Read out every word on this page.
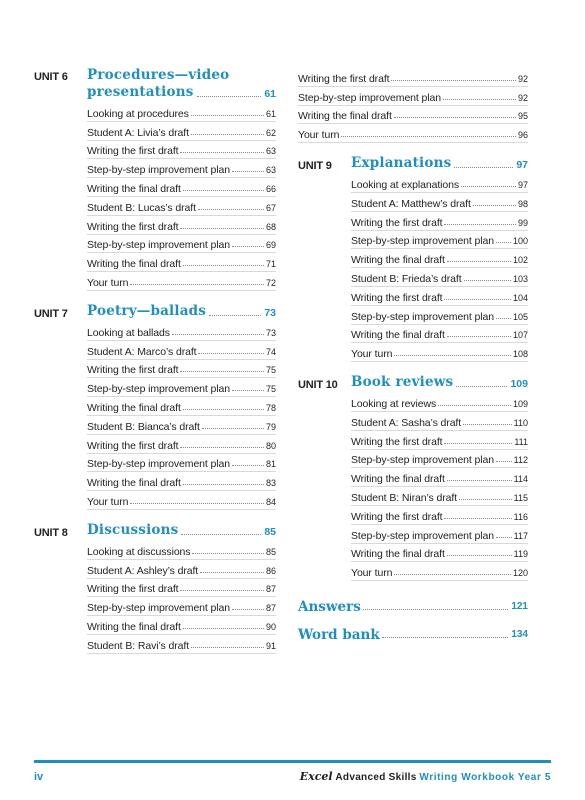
UNIT 6	Procedures—video
presentations	61
Looking at procedures	61
Student A: Livia’s draft	62
Writing the first draft	63
Step-by-step improvement plan	63
Writing the final draft	66
Student B: Lucas’s draft	67
Writing the first draft	68
Step-by-step improvement plan	69
Writing the final draft	71
Your turn	72
UNIT 7	Poetry—ballads	73
Looking at ballads	73
Student A: Marco’s draft	74
Writing the first draft	75
Step-by-step improvement plan	75
Writing the final draft	78
Student B: Bianca’s draft	79
Writing the first draft	80
Step-by-step improvement plan	81
Writing the final draft	83
Your turn	84
UNIT 8	Discussions	85
Looking at discussions	85
Student A: Ashley’s draft	86
Writing the first draft	87
Step-by-step improvement plan	87
Writing the final draft	90
Student B: Ravi’s draft	91
Writing the first draft	92
Step-by-step improvement plan	92
Writing the final draft	95
Your turn	96
UNIT 9	Explanations	97
Looking at explanations	97
Student A: Matthew’s draft	98
Writing the first draft	99
Step-by-step improvement plan 100
Writing the final draft	102
Student B: Frieda’s draft	103
Writing the first draft	104
Step-by-step improvement plan 105
Writing the final draft	107
Your turn	108
UNIT 10 Book reviews	109
Looking at reviews	109
Student A: Sasha’s draft	110
Writing the first draft	111
Step-by-step improvement plan 112
Writing the final draft	114
Student B: Niran’s draft	115
Writing the first draft	116
Step-by-step improvement plan 117
Writing the final draft	119
Your turn	120
Answers	121
Word bank	134
iv	Excel Advanced Skills Writing Workbook Year 5
